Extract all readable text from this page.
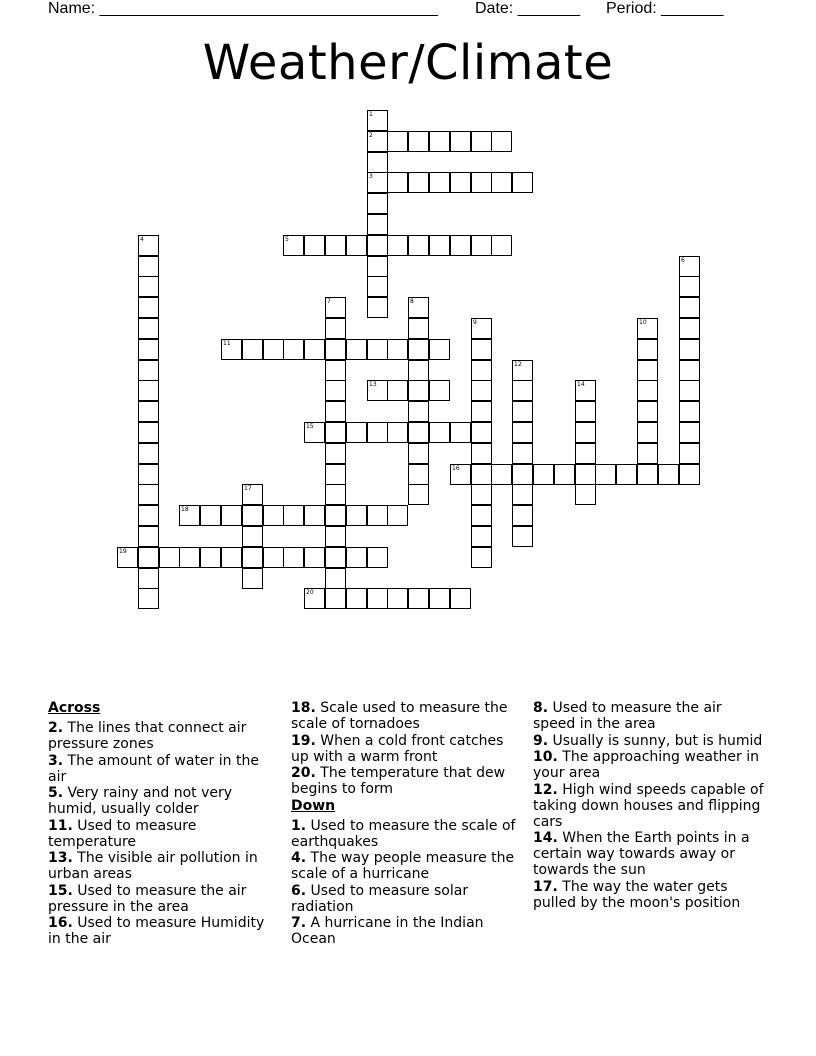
Name: ______________________________________ Date: _______ Period: _______
Weather/Climate
1
2
3
4	5
6
7	8
9	10
11
12
13	14
15
16
17
18
19
20
Across
2. The lines that connect air pressure zones
3. The amount of water in the air
5. Very rainy and not very humid, usually colder
11. Used to measure temperature
13. The visible air pollution in urban areas
15. Used to measure the air pressure in the area
16. Used to measure Humidity in the air
18. Scale used to measure the scale of tornadoes
19. When a cold front catches up with a warm front
20. The temperature that dew begins to form
Down
1. Used to measure the scale of earthquakes
4. The way people measure the scale of a hurricane
6. Used to measure solar radiation
7. A hurricane in the Indian Ocean
8. Used to measure the air speed in the area
9. Usually is sunny, but is humid
10. The approaching weather in your area
12. High wind speeds capable of taking down houses and flipping cars
14. When the Earth points in a certain way towards away or towards the sun
17. The way the water gets pulled by the moon's position
